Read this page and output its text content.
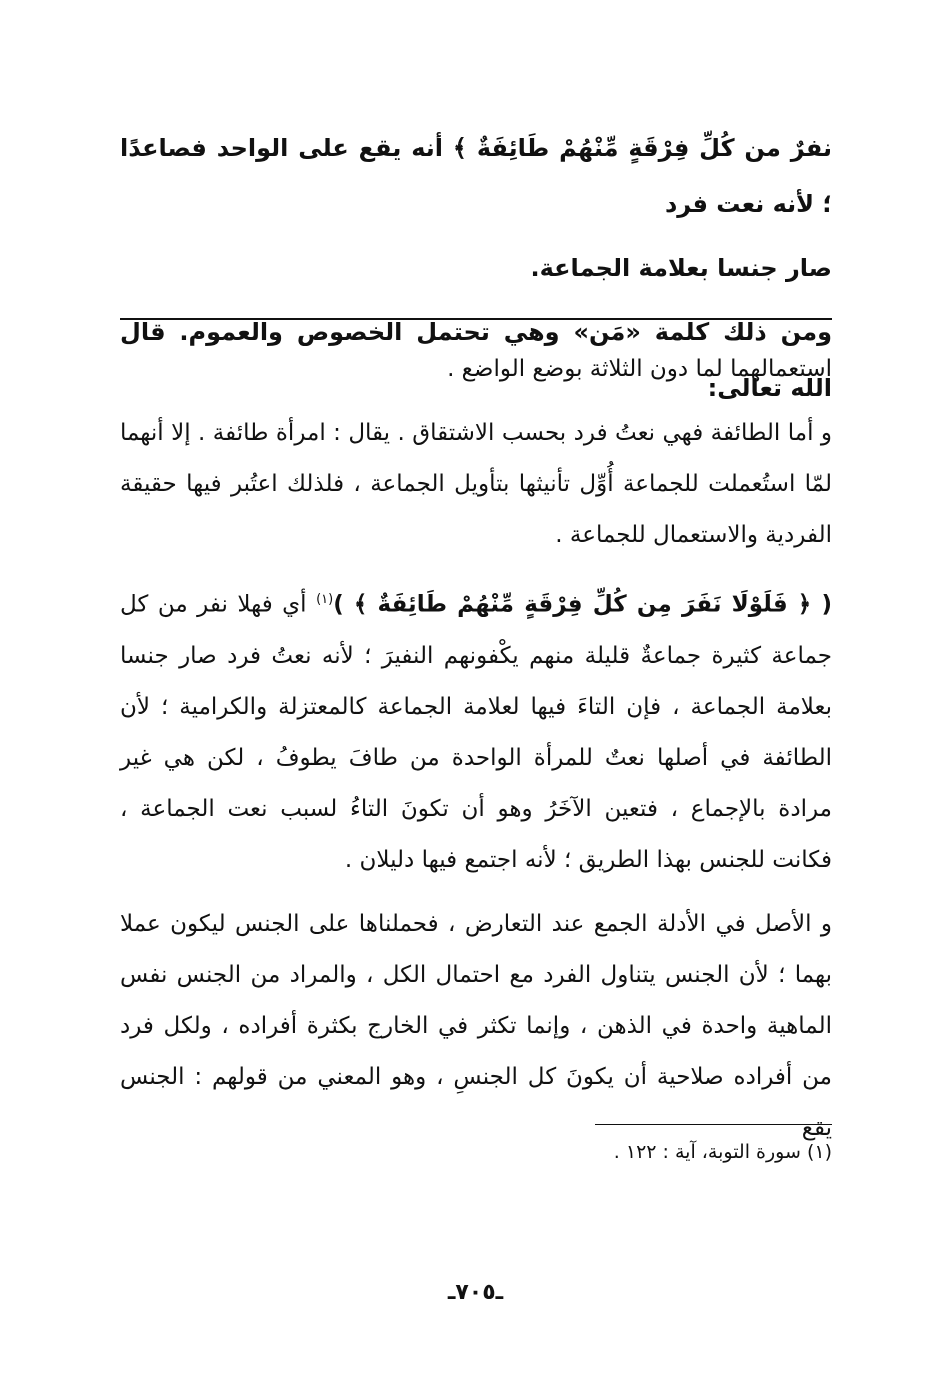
نفرٌ من كُلِّ فِرْقَةٍ مِّنْهُمْ طَائِفَةٌ ﴾ أنه يقع على الواحد فصاعدًا ؛ لأنه نعت فرد

صار جنسا بعلامة الجماعة.

ومن ذلك كلمة «مَن» وهي تحتمل الخصوص والعموم. قال الله تعالى:

استعمالهما لما دون الثلاثة بوضع الواضع .

و أما الطائفة فهي نعتُ فرد بحسب الاشتقاق . يقال : امرأة طائفة . إلا أنهما لمّا استُعملت للجماعة أُوِّل تأنيثها بتأويل الجماعة ، فلذلك اعتُبر فيها حقيقة الفردية والاستعمال للجماعة .

( ﴿ فَلَوْلَا نَفَرَ مِن كُلِّ فِرْقَةٍ مِّنْهُمْ طَائِفَةٌ ﴾ )$^{(١)}$ أي فهلا نفر من كل جماعة كثيرة جماعةٌ قليلة منهم يكْفونهم النفيرَ ؛ لأنه نعتُ فرد صار جنسا بعلامة الجماعة ، فإن التاءَ فيها لعلامة الجماعة كالمعتزلة والكرامية ؛ لأن الطائفة في أصلها نعتٌ للمرأة الواحدة من طافَ يطوفُ ، لكن هي غير مرادة بالإجماع ، فتعين الآخَرُ وهو أن تكونَ التاءُ لسبب نعت الجماعة ، فكانت للجنس بهذا الطريق ؛ لأنه اجتمع فيها دليلان .

و الأصل في الأدلة الجمع عند التعارض ، فحملناها على الجنس ليكون عملا بهما ؛ لأن الجنس يتناول الفرد مع احتمال الكل ، والمراد من الجنس نفس الماهية واحدة في الذهن ، وإنما تكثر في الخارج بكثرة أفراده ، ولكل فرد من أفراده صلاحية أن يكونَ كل الجنسِ ، وهو المعني من قولهم : الجنس يقع

(١) سورة التوبة، آية : ١٢٢ .
ـ٧٠٥ـ
